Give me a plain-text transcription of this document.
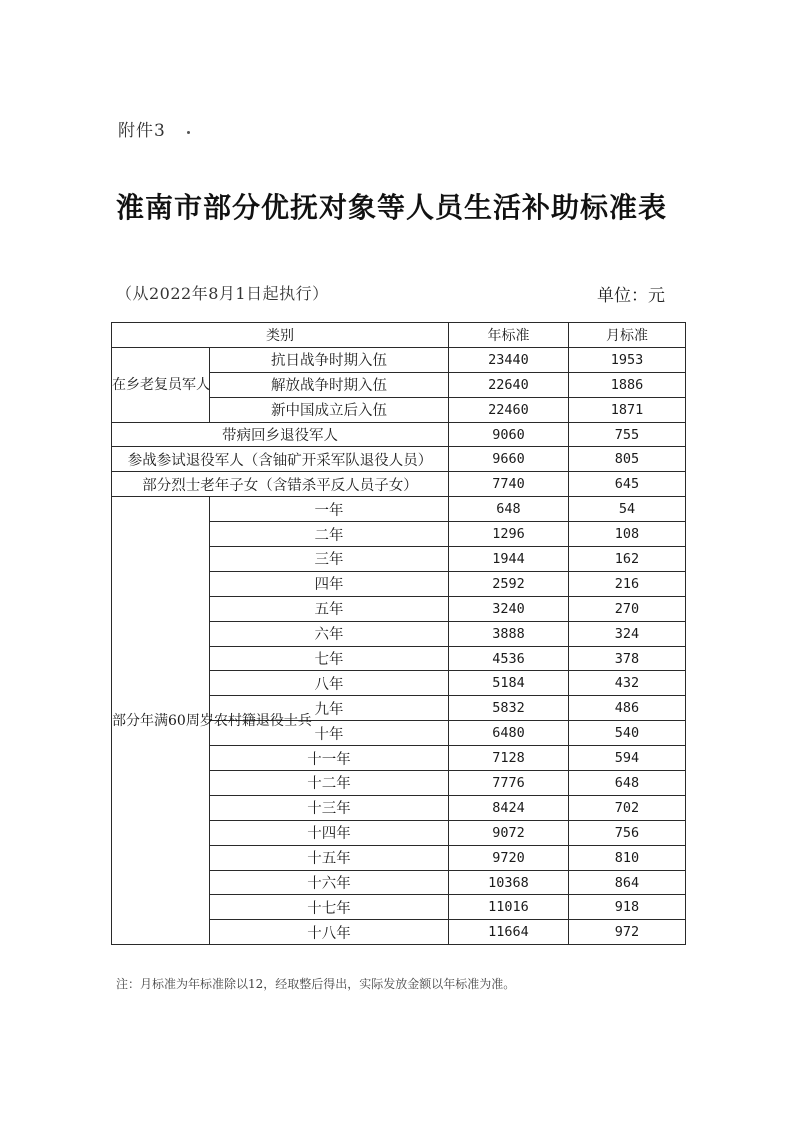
附件3
淮南市部分优抚对象等人员生活补助标准表
（从2022年8月1日起执行）	单位：元
类别		年标准	月标准
在乡老复员军人	抗日战争时期入伍	23440	1953
	解放战争时期入伍	22640	1886
	新中国成立后入伍	22460	1871
带病回乡退役军人		9060	755
参战参试退役军人（含铀矿开采军队退役人员）		9660	805
部分烈士老年子女（含错杀平反人员子女）		7740	645
部分年满60周岁农村籍退役士兵	一年	648	54
	二年	1296	108
	三年	1944	162
	四年	2592	216
	五年	3240	270
	六年	3888	324
	七年	4536	378
	八年	5184	432
	九年	5832	486
	十年	6480	540
	十一年	7128	594
	十二年	7776	648
	十三年	8424	702
	十四年	9072	756
	十五年	9720	810
	十六年	10368	864
	十七年	11016	918
	十八年	11664	972
注：月标准为年标准除以12，经取整后得出，实际发放金额以年标准为准。
